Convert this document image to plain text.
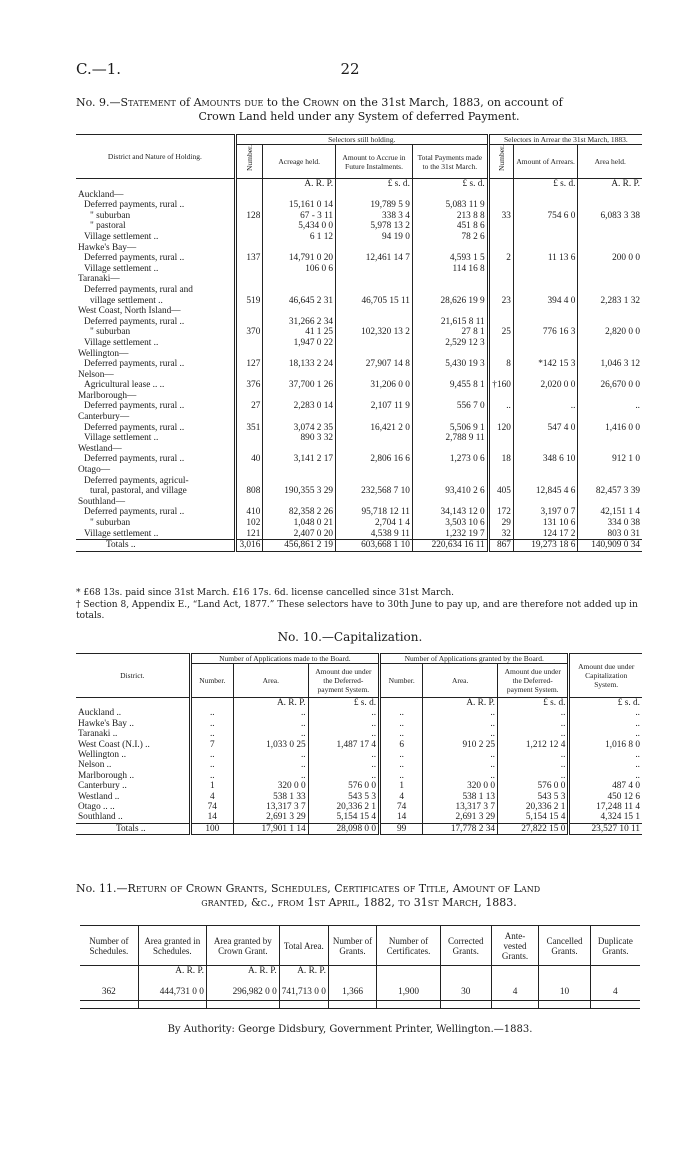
C.—1.	22
No. 9.—Statement of Amounts due to the Crown on the 31st March, 1883, on account of
Crown Land held under any System of deferred Payment.
District and Nature of Holding.	Selectors still holding.				Selectors in Arrear the 31st March, 1883.		
	Number.	Acreage held.	Amount to Accrue in Future Instalments.	Total Payments made to the 31st March.	Number.	Amount of Arrears.	Area held.
		A. R. P.	£ s. d.	£ s. d.		£ s. d.	A. R. P.
Auckland—							
Deferred payments, rural ..		15,161 0 14	19,789 5 9	5,083 11 9			
" suburban	128	67 - 3 11	338 3 4	213 8 8	33	754 6 0	6,083 3 38
" pastoral		5,434 0 0	5,978 13 2	451 8 6			
Village settlement ..		6 1 12	94 19 0	78 2 6			
Hawke's Bay—							
Deferred payments, rural ..	137	14,791 0 20	12,461 14 7	4,593 1 5	2	11 13 6	200 0 0
Village settlement ..		106 0 6		114 16 8			
Taranaki—							
Deferred payments, rural and							
village settlement ..	519	46,645 2 31	46,705 15 11	28,626 19 9	23	394 4 0	2,283 1 32
West Coast, North Island—							
Deferred payments, rural ..		31,266 2 34		21,615 8 11			
" suburban	370	41 1 25	102,320 13 2	27 8 1	25	776 16 3	2,820 0 0
Village settlement ..		1,947 0 22		2,529 12 3			
Wellington—							
Deferred payments, rural ..	127	18,133 2 24	27,907 14 8	5,430 19 3	8	*142 15 3	1,046 3 12
Nelson—							
Agricultural lease .. ..	376	37,700 1 26	31,206 0 0	9,455 8 1	†160	2,020 0 0	26,670 0 0
Marlborough—							
Deferred payments, rural ..	27	2,283 0 14	2,107 11 9	556 7 0	..	..	..
Canterbury—							
Deferred payments, rural ..	351	3,074 2 35	16,421 2 0	5,506 9 1	120	547 4 0	1,416 0 0
Village settlement ..		890 3 32		2,788 9 11			
Westland—							
Deferred payments, rural ..	40	3,141 2 17	2,806 16 6	1,273 0 6	18	348 6 10	912 1 0
Otago—							
Deferred payments, agricul-							
tural, pastoral, and village	808	190,355 3 29	232,568 7 10	93,410 2 6	405	12,845 4 6	82,457 3 39
Southland—							
Deferred payments, rural ..	410	82,358 2 26	95,718 12 11	34,143 12 0	172	3,197 0 7	42,151 1 4
" suburban	102	1,048 0 21	2,704 1 4	3,503 10 6	29	131 10 6	334 0 38
Village settlement ..	121	2,407 0 20	4,538 9 11	1,232 19 7	32	124 17 2	803 0 31
Totals ..	3,016	456,861 2 19	603,668 1 10	220,634 16 11	867	19,273 18 6	140,909 0 34
* £68 13s. paid since 31st March. £16 17s. 6d. license cancelled since 31st March.
† Section 8, Appendix E., “Land Act, 1877.” These selectors have to 30th June to pay up, and are therefore not added up in totals.
No. 10.—Capitalization.
District.	Number of Applications made to the Board.			Number of Applications granted by the Board.			Amount due under Capitalization System.
	Number.	Area.	Amount due under the Deferred-payment System.	Number.	Area.	Amount due under the Deferred-payment System.	
		A. R. P.	£ s. d.		A. R. P.	£ s. d.	£ s. d.
Auckland ..	..	..	..	..	..	..	..
Hawke's Bay ..	..	..	..	..	..	..	..
Taranaki ..	..	..	..	..	..	..	..
West Coast (N.I.) ..	7	1,033 0 25	1,487 17 4	6	910 2 25	1,212 12 4	1,016 8 0
Wellington ..	..	..	..	..	..	..	..
Nelson ..	..	..	..	..	..	..	..
Marlborough ..	..	..	..	..	..	..	..
Canterbury ..	1	320 0 0	576 0 0	1	320 0 0	576 0 0	487 4 0
Westland ..	4	538 1 33	543 5 3	4	538 1 13	543 5 3	450 12 6
Otago .. ..	74	13,317 3 7	20,336 2 1	74	13,317 3 7	20,336 2 1	17,248 11 4
Southland ..	14	2,691 3 29	5,154 15 4	14	2,691 3 29	5,154 15 4	4,324 15 1
Totals ..	100	17,901 1 14	28,098 0 0	99	17,778 2 34	27,822 15 0	23,527 10 11
No. 11.—Return of Crown Grants, Schedules, Certificates of Title, Amount of Land
granted, &c., from 1st April, 1882, to 31st March, 1883.
Number of Schedules.	Area granted in Schedules.	Area granted by Crown Grant.	Total Area.	Number of Grants.	Number of Certificates.	Corrected Grants.	Ante-vested Grants.	Cancelled Grants.	Duplicate Grants.
	A. R. P.	A. R. P.	A. R. P.						
362	444,731 0 0	296,982 0 0	741,713 0 0	1,366	1,900	30	4	10	4
By Authority: George Didsbury, Government Printer, Wellington.—1883.
